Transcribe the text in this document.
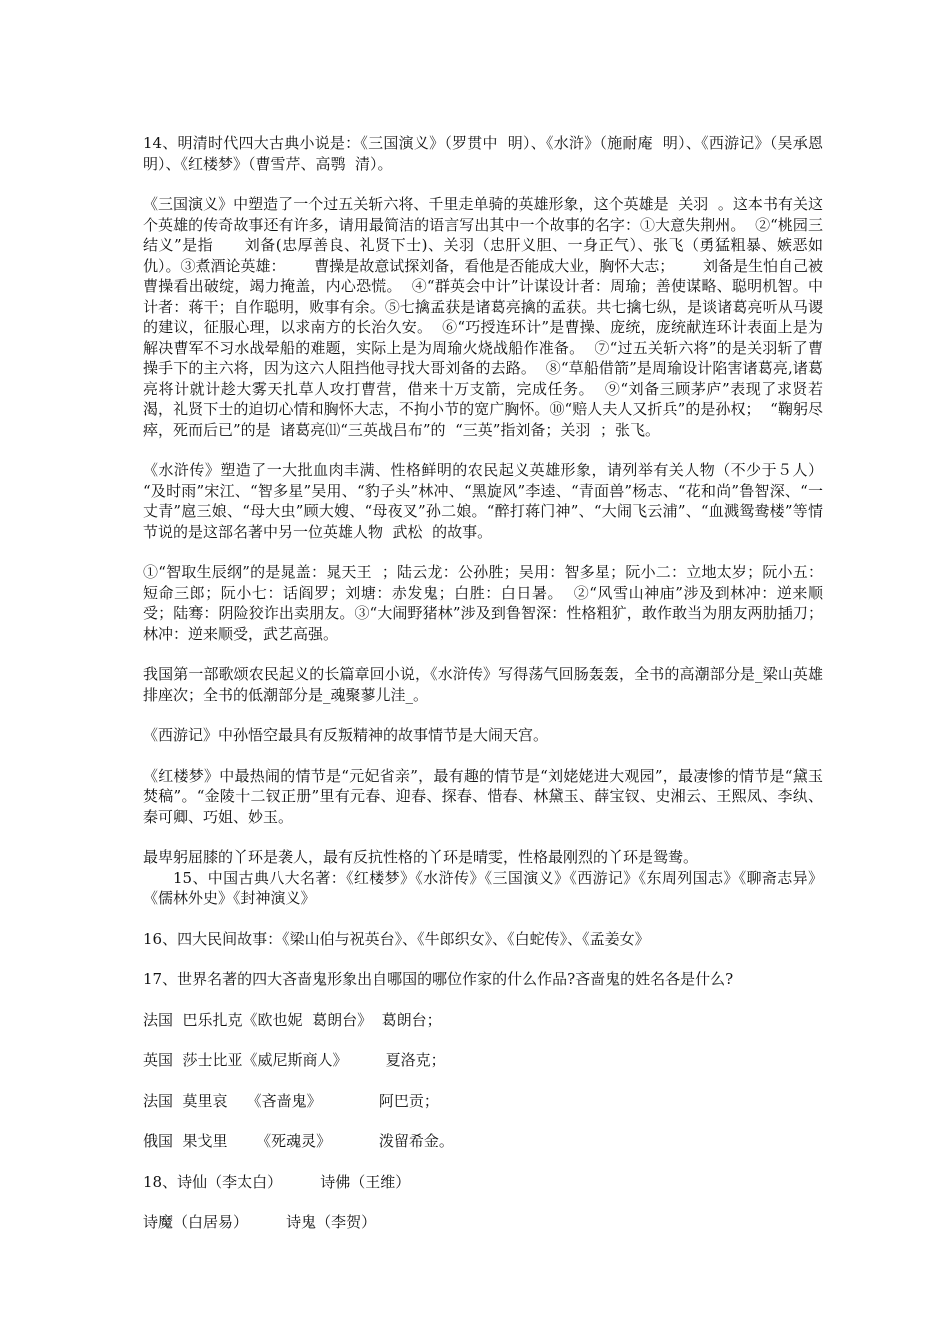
14、明清时代四大古典小说是：《三国演义》（罗贯中  明）、《水浒》（施耐庵  明）、《西游记》（吴承恩  明）、《红楼梦》（曹雪芹、高鹗  清）。

《三国演义》中塑造了一个过五关斩六将、千里走单骑的英雄形象，这个英雄是  关羽  。这本书有关这个英雄的传奇故事还有许多，请用最简洁的语言写出其中一个故事的名字：①大意失荆州。  ②“桃园三结义”是指      刘备(忠厚善良、礼贤下士)、关羽（忠肝义胆、一身正气）、张飞（勇猛粗暴、嫉恶如仇）。③煮酒论英雄：      曹操是故意试探刘备，看他是否能成大业，胸怀大志；      刘备是生怕自己被曹操看出破绽，竭力掩盖，内心恐慌。  ④“群英会中计”计谋设计者：周瑜；善使谋略、聪明机智。中计者：蒋干；自作聪明，败事有余。⑤七擒孟获是诸葛亮擒的孟获。共七擒七纵，是谈诸葛亮听从马谡的建议，征服心理，以求南方的长治久安。  ⑥“巧授连环计”是曹操、庞统，庞统献连环计表面上是为解决曹军不习水战晕船的难题，实际上是为周瑜火烧战船作准备。  ⑦“过五关斩六将”的是关羽斩了曹操手下的主六将，因为这六人阻挡他寻找大哥刘备的去路。  ⑧“草船借箭”是周瑜设计陷害诸葛亮,诸葛亮将计就计趁大雾天扎草人攻打曹营，借来十万支箭，完成任务。  ⑨“刘备三顾茅庐”表现了求贤若渴，礼贤下士的迫切心情和胸怀大志，不拘小节的宽广胸怀。⑩“赔人夫人又折兵”的是孙权；  “鞠躬尽瘁，死而后已”的是  诸葛亮⑾“三英战吕布”的  “三英”指刘备；关羽  ；张飞。

《水浒传》塑造了一大批血肉丰满、性格鲜明的农民起义英雄形象，请列举有关人物（不少于５人）  “及时雨”宋江、“智多星”吴用、“豹子头”林冲、“黑旋风”李逵、“青面兽”杨志、“花和尚”鲁智深、“一丈青”扈三娘、“母大虫”顾大嫂、“母夜叉”孙二娘。“醉打蒋门神”、“大闹飞云浦”、“血溅鸳鸯楼”等情节说的是这部名著中另一位英雄人物  武松  的故事。

①“智取生辰纲”的是晁盖：晁天王  ；陆云龙：公孙胜；吴用：智多星；阮小二：立地太岁；阮小五：短命三郎；阮小七：话阎罗；刘塘：赤发鬼；白胜：白日暑。  ②“风雪山神庙”涉及到林冲：逆来顺受；陆骞：阴险狡诈出卖朋友。③“大闹野猪林”涉及到鲁智深：性格粗犷，敢作敢当为朋友两肋插刀；林冲：逆来顺受，武艺高强。

我国第一部歌颂农民起义的长篇章回小说，《水浒传》写得荡气回肠轰轰，全书的高潮部分是_梁山英雄排座次；全书的低潮部分是_魂聚蓼儿洼_。

《西游记》中孙悟空最具有反叛精神的故事情节是大闹天宫。

《红楼梦》中最热闹的情节是“元妃省亲”，最有趣的情节是“刘姥姥进大观园”，最凄惨的情节是“黛玉焚稿”。“金陵十二钗正册”里有元春、迎春、探春、惜春、林黛玉、薛宝钗、史湘云、王熙凤、李纨、秦可卿、巧姐、妙玉。

最卑躬屈膝的丫环是袭人，最有反抗性格的丫环是晴雯，性格最刚烈的丫环是鸳鸯。

15、中国古典八大名著：《红楼梦》《水浒传》《三国演义》《西游记》《东周列国志》《聊斋志异》《儒林外史》《封神演义》

16、四大民间故事：《梁山伯与祝英台》、《牛郎织女》、《白蛇传》、《孟姜女》

17、世界名著的四大吝啬鬼形象出自哪国的哪位作家的什么作品?吝啬鬼的姓名各是什么?

法国  巴乐扎克《欧也妮  葛朗台》  葛朗台；

英国  莎士比亚《威尼斯商人》        夏洛克；

法国  莫里哀    《吝啬鬼》            阿巴贡；

俄国  果戈里      《死魂灵》          泼留希金。

18、诗仙（李太白）        诗佛（王维）

诗魔（白居易）        诗鬼（李贺）
